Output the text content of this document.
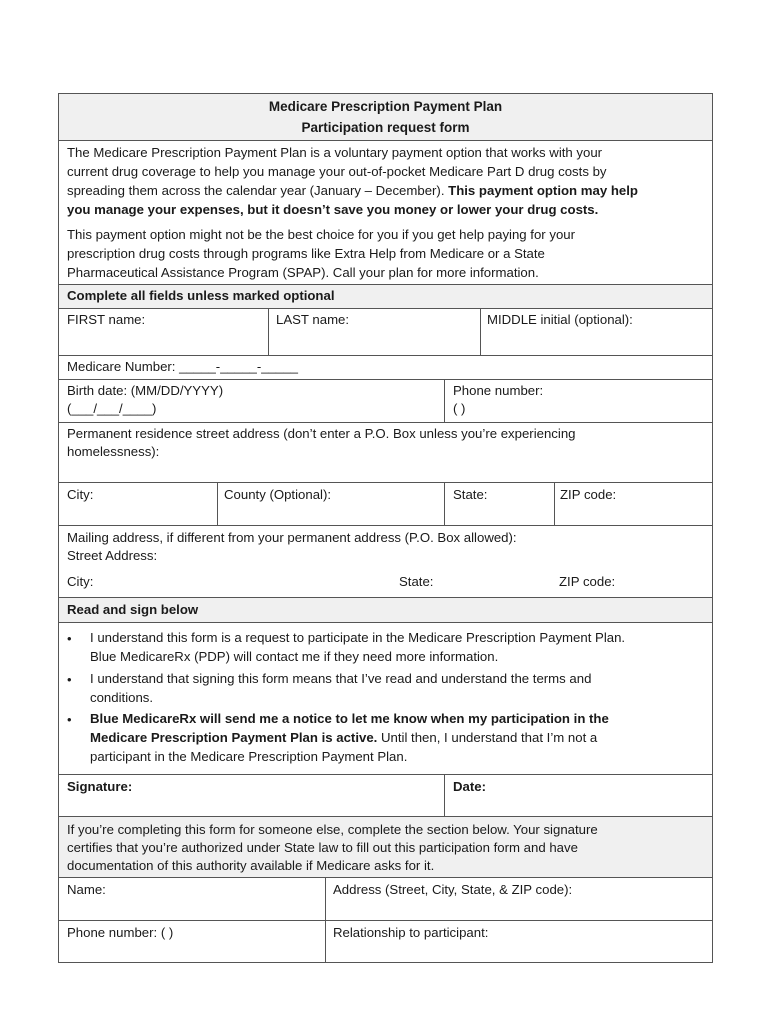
Medicare Prescription Payment Plan
Participation request form
The Medicare Prescription Payment Plan is a voluntary payment option that works with your
current drug coverage to help you manage your out-of-pocket Medicare Part D drug costs by
spreading them across the calendar year (January – December). This payment option may help
you manage your expenses, but it doesn’t save you money or lower your drug costs.
This payment option might not be the best choice for you if you get help paying for your
prescription drug costs through programs like Extra Help from Medicare or a State
Pharmaceutical Assistance Program (SPAP). Call your plan for more information.
Complete all fields unless marked optional
FIRST name:	LAST name:	MIDDLE initial (optional):
Medicare Number: _____-_____-_____
Birth date: (MM/DD/YYYY)
(___/___/____)
Phone number:
( )
Permanent residence street address (don’t enter a P.O. Box unless you’re experiencing
homelessness):
City:	County (Optional):	State:	ZIP code:
Mailing address, if different from your permanent address (P.O. Box allowed):
Street Address:
City:	State:	ZIP code:
Read and sign below
• I understand this form is a request to participate in the Medicare Prescription Payment Plan.
Blue MedicareRx (PDP) will contact me if they need more information.
• I understand that signing this form means that I’ve read and understand the terms and
conditions.
• Blue MedicareRx will send me a notice to let me know when my participation in the
Medicare Prescription Payment Plan is active. Until then, I understand that I’m not a
participant in the Medicare Prescription Payment Plan.
Signature:	Date:
If you’re completing this form for someone else, complete the section below. Your signature
certifies that you’re authorized under State law to fill out this participation form and have
documentation of this authority available if Medicare asks for it.
Name:	Address (Street, City, State, & ZIP code):
Phone number: ( )	Relationship to participant:
